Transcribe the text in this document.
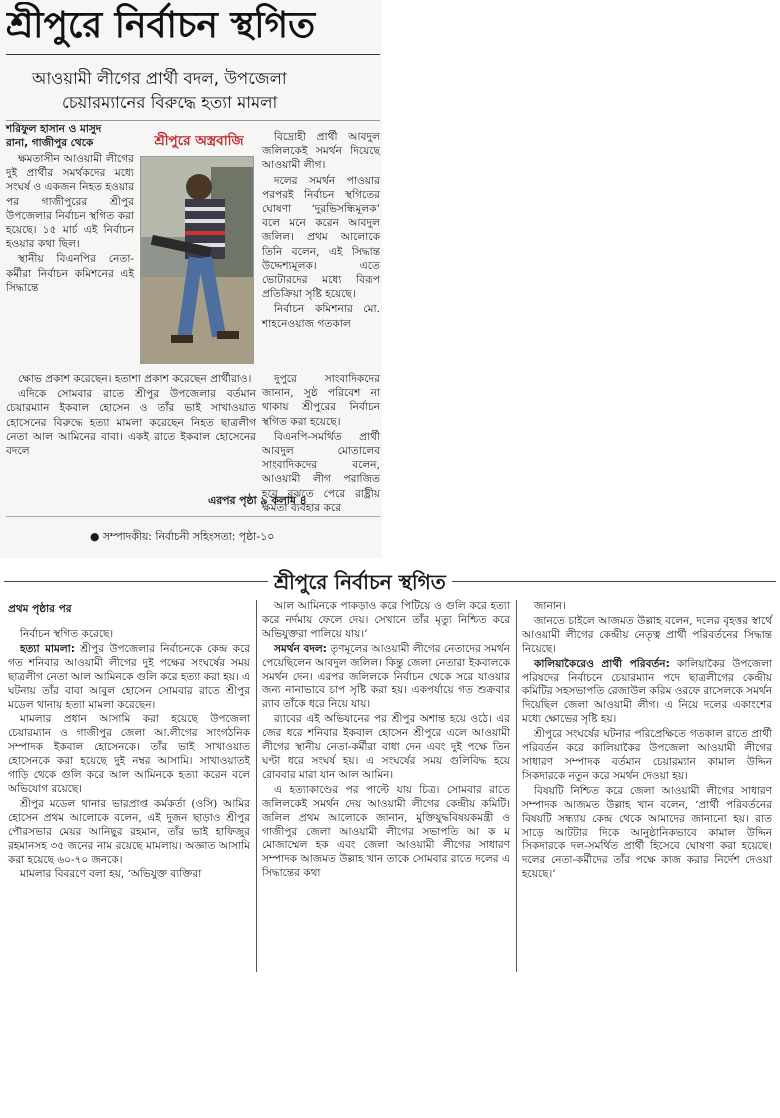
শ্রীপুরে নির্বাচন স্থগিত
আওয়ামী লীগের প্রার্থী বদল, উপজেলা
চেয়ারম্যানের বিরুদ্ধে হত্যা মামলা
শরিফুল হাসান ও মাসুদ
রানা, গাজীপুর থেকে	শ্রীপুরে অস্ত্রবাজি

ক্ষমতাসীন আওয়ামী লীগের দুই প্রার্থীর সমর্থকদের মধ্যে সংঘর্ষ ও একজন নিহত হওয়ার পর গাজীপুরের শ্রীপুর উপজেলার নির্বাচন স্থগিত করা হয়েছে। ১৫ মার্চ এই নির্বাচন হওয়ার কথা ছিল।

স্থানীয় বিএনপির নেতা-কর্মীরা নির্বাচন কমিশনের এই সিদ্ধান্তে

ক্ষোভ প্রকাশ করেছেন। হতাশা প্রকাশ করেছেন প্রার্থীরাও।

এদিকে সোমবার রাতে শ্রীপুর উপজেলার বর্তমান চেয়ারম্যান ইকবাল হোসেন ও তাঁর ভাই সাখাওয়াত হোসেনের বিরুদ্ধে হত্যা মামলা করেছেন নিহত ছাত্রলীগ নেতা আল আমিনের বাবা। একই রাতে ইকবাল হোসেনের বদলে

বিদ্রোহী প্রার্থী আবদুল জলিলকেই সমর্থন দিয়েছে আওয়ামী লীগ।

দলের সমর্থন পাওয়ার পরপরই নির্বাচন স্থগিতের ঘোষণা ‘দুরভিসন্ধিমূলক’ বলে মনে করেন আবদুল জলিল। প্রথম আলোকে তিনি বলেন, এই সিদ্ধান্ত উদ্দেশ্যমূলক। এতে ভোটারদের মধ্যে বিরূপ প্রতিক্রিয়া সৃষ্টি হয়েছে।

নির্বাচন কমিশনার মো. শাহনেওয়াজ গতকাল

দুপুরে সাংবাদিকদের জানান, সুষ্ঠ পরিবেশ না থাকায় শ্রীপুরের নির্বাচন স্থগিত করা হয়েছে।

বিএনপি-সমর্থিত প্রার্থী আবদুল মোতালেব সাংবাদিকদের বলেন, আওয়ামী লীগ পরাজিত হবে বুঝতে পেরে রাষ্ট্রীয় ক্ষমতা ব্যবহার করে

এরপর পৃষ্ঠা ৯ কলাম ৪
● সম্পাদকীয়: নির্বাচনী সহিংসতা: পৃষ্ঠা-১০
শ্রীপুরে নির্বাচন স্থগিত
প্রথম পৃষ্ঠার পর

নির্বাচন স্থগিত করেছে।

হত্যা মামলা: শ্রীপুর উপজেলার নির্বাচনকে কেন্দ্র করে গত শনিবার আওয়ামী লীগের দুই পক্ষের সংঘর্ষের সময় ছাত্রলীগ নেতা আল আমিনকে গুলি করে হত্যা করা হয়। এ ঘটনায় তাঁর বাবা আবুল হোসেন সোমবার রাতে শ্রীপুর মডেল থানায় হত্যা মামলা করেছেন।

মামলার প্রধান আসামি করা হয়েছে উপজেলা চেয়ারম্যান ও গাজীপুর জেলা আ.লীগের সাংগঠনিক সম্পাদক ইকবাল হোসেনকে। তাঁর ভাই সাখাওয়াত হোসেনকে করা হয়েছে দুই নম্বর আসামি। সাখাওয়াতই গাড়ি থেকে গুলি করে আল আমিনকে হত্যা করেন বলে অভিযোগ রয়েছে।

শ্রীপুর মডেল থানার ভারপ্রাপ্ত কর্মকর্তা (ওসি) আমির হোসেন প্রথম আলোকে বলেন, এই দুজন ছাড়াও শ্রীপুর পৌরসভার মেয়র আনিছুর রহমান, তাঁর ভাই হাফিজুর রহমানসহ ৩৫ জনের নাম রয়েছে মামলায়। অজ্ঞাত আসামি করা হয়েছে ৬০-৭০ জনকে।

মামলার বিবরণে বলা হয়, ‘অভিযুক্ত ব্যক্তিরা

আল আমিনকে পাকড়াও করে পিটিয়ে ও গুলি করে হত্যা করে নর্দমায় ফেলে দেয়। সেখানে তাঁর মৃত্যু নিশ্চিত করে অভিযুক্তরা পালিয়ে যায়।’

সমর্থন বদল: তৃণমূলের আওয়ামী লীগের নেতাদের সমর্থন পেয়েছিলেন আবদুল জলিল। কিন্তু জেলা নেতারা ইকবালকে সমর্থন দেন। এরপর জলিলকে নির্বাচন থেকে সরে যাওয়ার জন্য নানাভাবে চাপ সৃষ্টি করা হয়। একপর্যায়ে গত শুক্রবার র‍্যাব তাঁকে ধরে নিয়ে যায়।

র‍্যাবের এই অভিযানের পর শ্রীপুর অশান্ত হয়ে ওঠে। এর জের ধরে শনিবার ইকবাল হোসেন শ্রীপুরে এলে আওয়ামী লীগের স্থানীয় নেতা-কর্মীরা বাধা দেন এবং দুই পক্ষে তিন ঘণ্টা ধরে সংঘর্ষ হয়। এ সংঘর্ষের সময় গুলিবিদ্ধ হয়ে রোববার মারা যান আল আমিন।

এ হত্যাকাণ্ডের পর পাল্টে যায় চিত্র। সোমবার রাতে জলিলকেই সমর্থন দেয় আওয়ামী লীগের কেন্দ্রীয় কমিটি। জলিল প্রথম আলোকে জানান, মুক্তিযুদ্ধবিষয়কমন্ত্রী ও গাজীপুর জেলা আওয়ামী লীগের সভাপতি আ ক ম মোজাম্মেল হক এবং জেলা আওয়ামী লীগের সাধারণ সম্পাদক আজমত উল্লাহ খান তাকে সোমবার রাতে দলের এ সিদ্ধান্তের কথা

জানান।

জানতে চাইলে আজমত উল্লাহ বলেন, দলের বৃহত্তর স্বার্থে আওয়ামী লীগের কেন্দ্রীয় নেতৃত্ব প্রার্থী পরিবর্তনের সিদ্ধান্ত নিয়েছে।

কালিয়াকৈরেও প্রার্থী পরিবর্তন: কালিয়াকৈর উপজেলা পরিষদের নির্বাচনে চেয়ারম্যান পদে ছাত্রলীগের কেন্দ্রীয় কমিটির সহসভাপতি রেজাউল করিম ওরফে রাসেলকে সমর্থন দিয়েছিল জেলা আওয়ামী লীগ। এ নিয়ে দলের একাংশের মধ্যে ক্ষোভের সৃষ্টি হয়।

শ্রীপুরে সংঘর্ষের ঘটনার পরিপ্রেক্ষিতে গতকাল রাতে প্রার্থী পরিবর্তন করে কালিয়াকৈর উপজেলা আওয়ামী লীগের সাধারণ সম্পাদক বর্তমান চেয়ারম্যান কামাল উদ্দিন সিকদারকে নতুন করে সমর্থন দেওয়া হয়।

বিষয়টি নিশ্চিত করে জেলা আওয়ামী লীগের সাধারণ সম্পাদক আজমত উল্লাহ খান বলেন, ‘প্রার্থী পরিবর্তনের বিষয়টি সন্ধ্যায় কেন্দ্র থেকে আমাদের জানানো হয়। রাত সাড়ে আটটার দিকে আনুষ্ঠানিকভাবে কামাল উদ্দিন সিকদারকে দল-সমর্থিত প্রার্থী হিসেবে ঘোষণা করা হয়েছে। দলের নেতা-কর্মীদের তাঁর পক্ষে কাজ করার নির্দেশ দেওয়া হয়েছে।’
